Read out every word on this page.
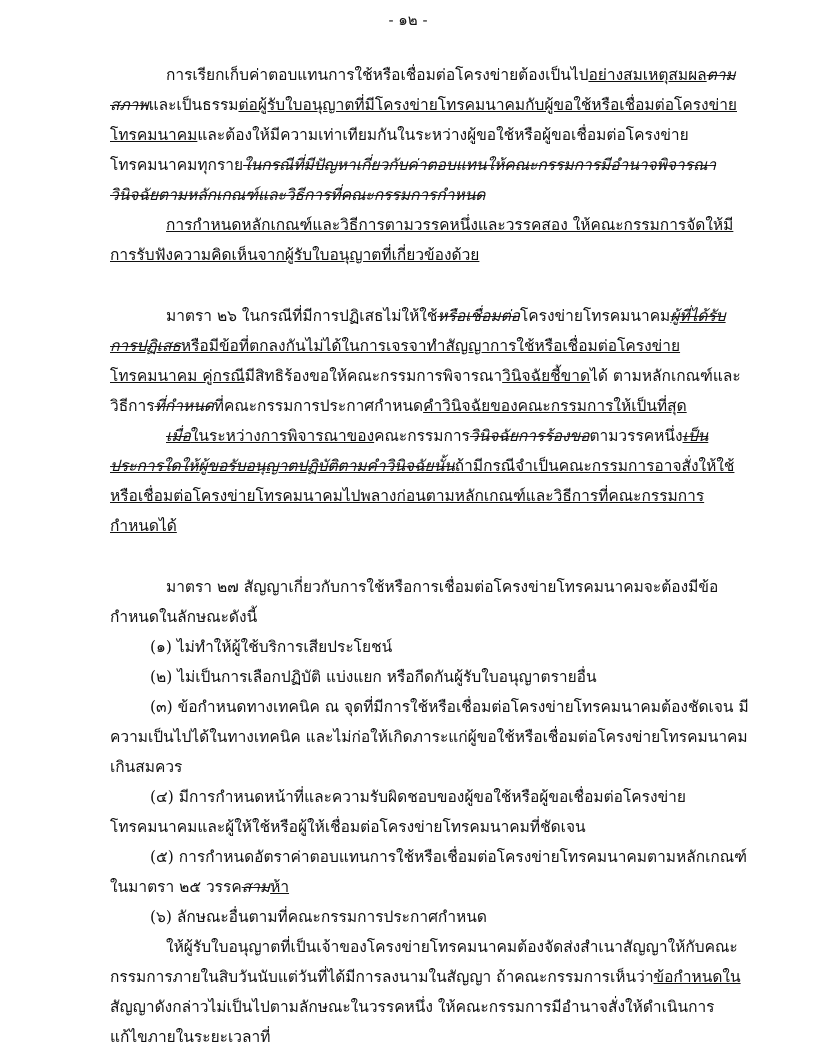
- ๑๒ -

การเรียกเก็บค่าตอบแทนการใช้หรือเชื่อมต่อโครงข่ายต้องเป็นไปอย่างสมเหตุสมผลตามสภาพและเป็นธรรมต่อผู้รับใบอนุญาตที่มีโครงข่ายโทรคมนาคมกับผู้ขอใช้หรือเชื่อมต่อโครงข่ายโทรคมนาคมและต้องให้มีความเท่าเทียมกันในระหว่างผู้ขอใช้หรือผู้ขอเชื่อมต่อโครงข่ายโทรคมนาคมทุกรายในกรณีที่มีปัญหาเกี่ยวกับค่าตอบแทนให้คณะกรรมการมีอำนาจพิจารณาวินิจฉัยตามหลักเกณฑ์และวิธีการที่คณะกรรมการกำหนด

การกำหนดหลักเกณฑ์และวิธีการตามวรรคหนึ่งและวรรคสอง ให้คณะกรรมการจัดให้มีการรับฟังความคิดเห็นจากผู้รับใบอนุญาตที่เกี่ยวข้องด้วย

มาตรา ๒๖ ในกรณีที่มีการปฏิเสธไม่ให้ใช้หรือเชื่อมต่อโครงข่ายโทรคมนาคมผู้ที่ได้รับการปฏิเสธหรือมีข้อที่ตกลงกันไม่ได้ในการเจรจาทำสัญญาการใช้หรือเชื่อมต่อโครงข่ายโทรคมนาคม คู่กรณีมีสิทธิร้องขอให้คณะกรรมการพิจารณาวินิจฉัยชี้ขาดได้ ตามหลักเกณฑ์และวิธีการที่กำหนดที่คณะกรรมการประกาศกำหนดคำวินิจฉัยของคณะกรรมการให้เป็นที่สุด

เมื่อในระหว่างการพิจารณาของคณะกรรมการวินิจฉัยการร้องขอตามวรรคหนึ่งเป็นประการใดให้ผู้ขอรับอนุญาตปฏิบัติตามคำวินิจฉัยนั้นถ้ามีกรณีจำเป็นคณะกรรมการอาจสั่งให้ใช้หรือเชื่อมต่อโครงข่ายโทรคมนาคมไปพลางก่อนตามหลักเกณฑ์และวิธีการที่คณะกรรมการกำหนดได้

มาตรา ๒๗ สัญญาเกี่ยวกับการใช้หรือการเชื่อมต่อโครงข่ายโทรคมนาคมจะต้องมีข้อกำหนดในลักษณะดังนี้

(๑) ไม่ทำให้ผู้ใช้บริการเสียประโยชน์

(๒) ไม่เป็นการเลือกปฏิบัติ แบ่งแยก หรือกีดกันผู้รับใบอนุญาตรายอื่น

(๓) ข้อกำหนดทางเทคนิค ณ จุดที่มีการใช้หรือเชื่อมต่อโครงข่ายโทรคมนาคมต้องชัดเจน มีความเป็นไปได้ในทางเทคนิค และไม่ก่อให้เกิดภาระแก่ผู้ขอใช้หรือเชื่อมต่อโครงข่ายโทรคมนาคมเกินสมควร

(๔) มีการกำหนดหน้าที่และความรับผิดชอบของผู้ขอใช้หรือผู้ขอเชื่อมต่อโครงข่ายโทรคมนาคมและผู้ให้ใช้หรือผู้ให้เชื่อมต่อโครงข่ายโทรคมนาคมที่ชัดเจน

(๕) การกำหนดอัตราค่าตอบแทนการใช้หรือเชื่อมต่อโครงข่ายโทรคมนาคมตามหลักเกณฑ์ในมาตรา ๒๕ วรรคสามห้า

(๖) ลักษณะอื่นตามที่คณะกรรมการประกาศกำหนด

ให้ผู้รับใบอนุญาตที่เป็นเจ้าของโครงข่ายโทรคมนาคมต้องจัดส่งสำเนาสัญญาให้กับคณะกรรมการภายในสิบวันนับแต่วันที่ได้มีการลงนามในสัญญา ถ้าคณะกรรมการเห็นว่าข้อกำหนดในสัญญาดังกล่าวไม่เป็นไปตามลักษณะในวรรคหนึ่ง ให้คณะกรรมการมีอำนาจสั่งให้ดำเนินการแก้ไขภายในระยะเวลาที่
